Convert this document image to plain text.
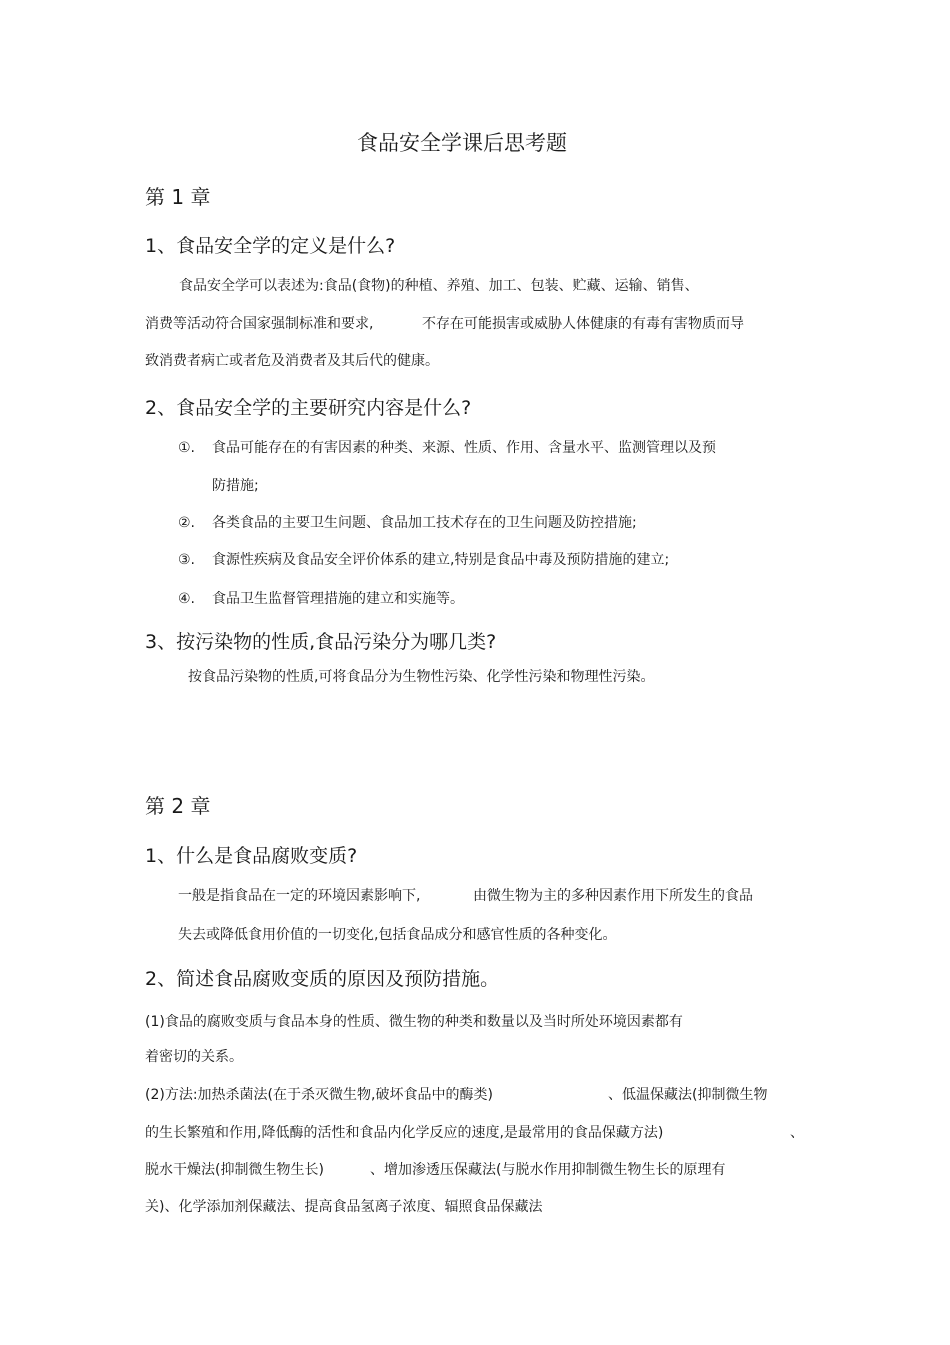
食品安全学课后思考题
第 1 章
1、食品安全学的定义是什么?
食品安全学可以表述为:食品(食物)的种植、养殖、加工、包装、贮藏、运输、销售、
消费等活动符合国家强制标准和要求,	不存在可能损害或威胁人体健康的有毒有害物质而导
致消费者病亡或者危及消费者及其后代的健康。
2、食品安全学的主要研究内容是什么?
①. 食品可能存在的有害因素的种类、来源、性质、作用、含量水平、监测管理以及预
防措施;
②. 各类食品的主要卫生问题、食品加工技术存在的卫生问题及防控措施;
③. 食源性疾病及食品安全评价体系的建立,特别是食品中毒及预防措施的建立;
④. 食品卫生监督管理措施的建立和实施等。
3、按污染物的性质,食品污染分为哪几类?
按食品污染物的性质,可将食品分为生物性污染、化学性污染和物理性污染。
第 2 章
1、什么是食品腐败变质?
一般是指食品在一定的环境因素影响下,	由微生物为主的多种因素作用下所发生的食品
失去或降低食用价值的一切变化,包括食品成分和感官性质的各种变化。
2、简述食品腐败变质的原因及预防措施。
(1)食品的腐败变质与食品本身的性质、微生物的种类和数量以及当时所处环境因素都有
着密切的关系。
(2)方法:加热杀菌法(在于杀灭微生物,破坏食品中的酶类)	、低温保藏法(抑制微生物
的生长繁殖和作用,降低酶的活性和食品内化学反应的速度,是最常用的食品保藏方法)	、
脱水干燥法(抑制微生物生长)	、增加渗透压保藏法(与脱水作用抑制微生物生长的原理有
关)、化学添加剂保藏法、提高食品氢离子浓度、辐照食品保藏法
